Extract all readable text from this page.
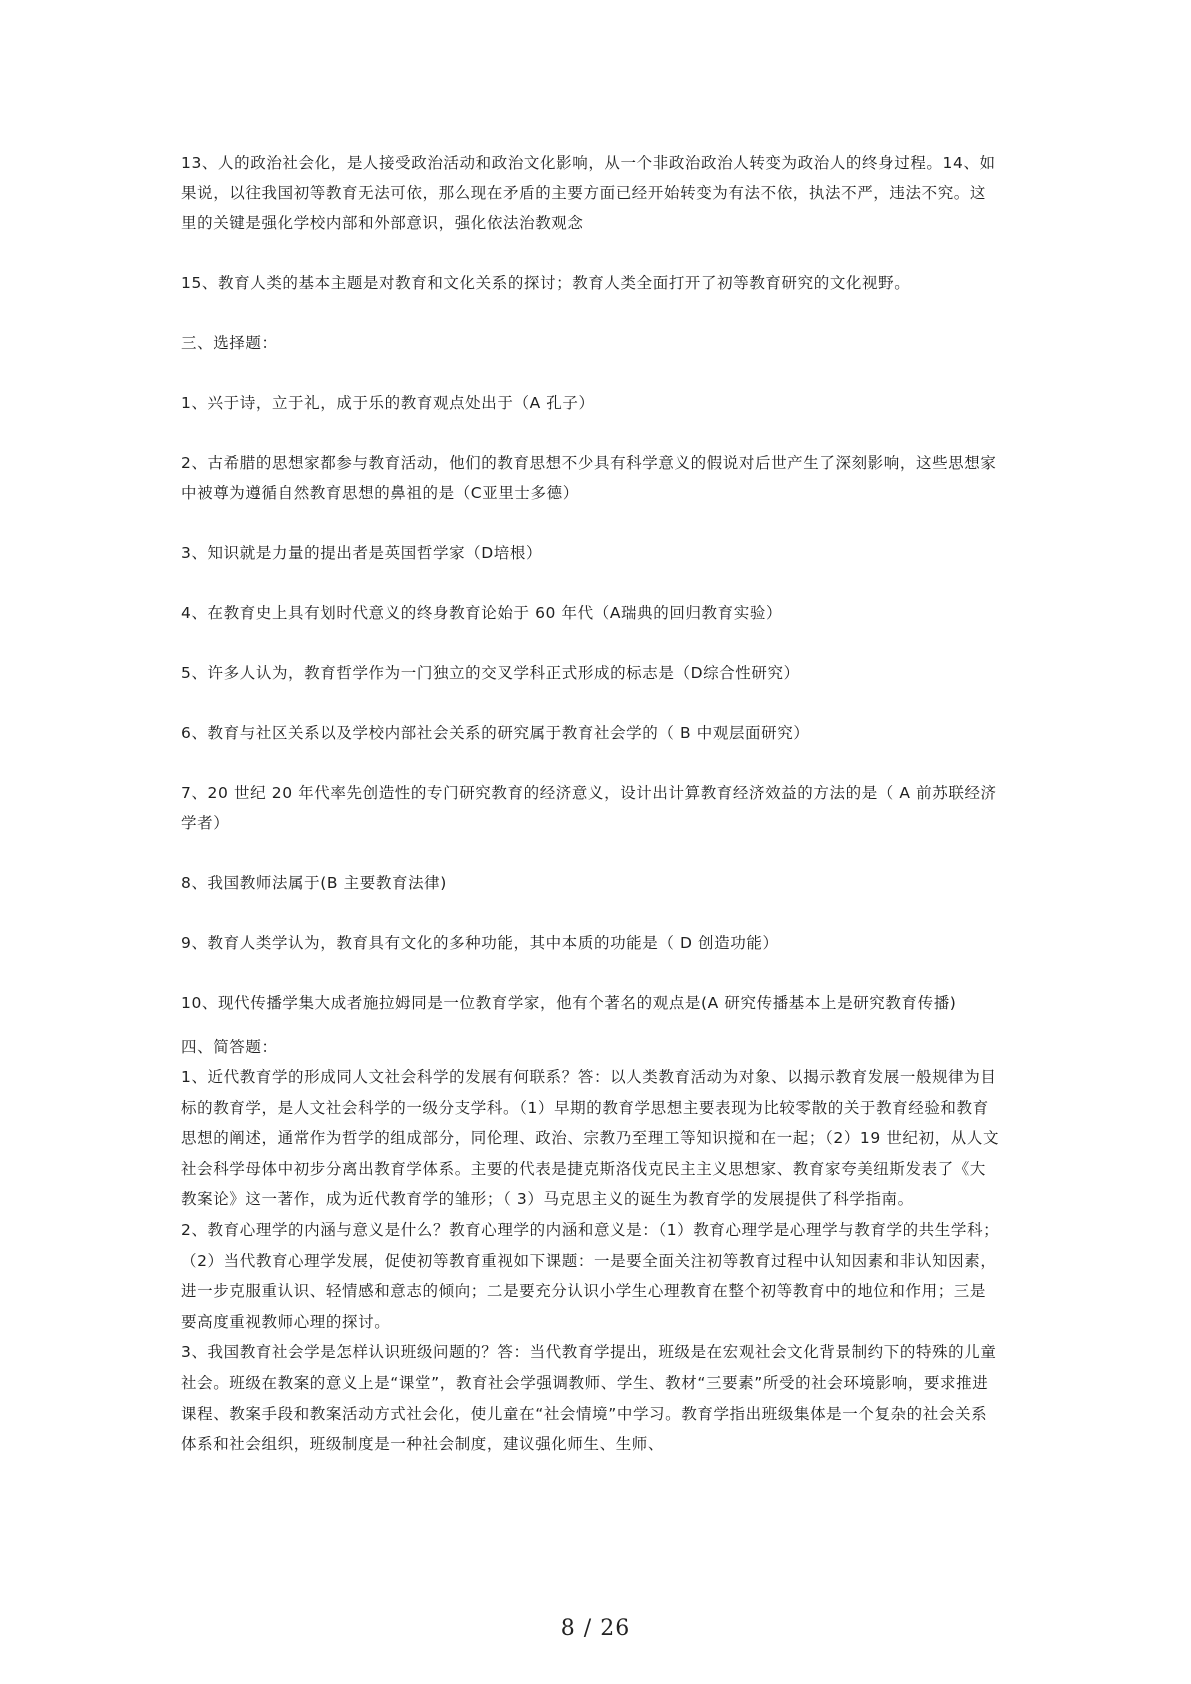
13、人的政治社会化，是人接受政治活动和政治文化影响，从一个非政治政治人转变为政治人的终身过程。14、如果说，以往我国初等教育无法可依，那么现在矛盾的主要方面已经开始转变为有法不依，执法不严，违法不究。这里的关键是强化学校内部和外部意识，强化依法治教观念

15、教育人类的基本主题是对教育和文化关系的探讨；教育人类全面打开了初等教育研究的文化视野。

三、选择题：

1、兴于诗，立于礼，成于乐的教育观点处出于（A 孔子）

2、古希腊的思想家都参与教育活动，他们的教育思想不少具有科学意义的假说对后世产生了深刻影响，这些思想家中被尊为遵循自然教育思想的鼻祖的是（C亚里士多德）

3、知识就是力量的提出者是英国哲学家（D培根）

4、在教育史上具有划时代意义的终身教育论始于 60 年代（A瑞典的回归教育实验）

5、许多人认为，教育哲学作为一门独立的交叉学科正式形成的标志是（D综合性研究）

6、教育与社区关系以及学校内部社会关系的研究属于教育社会学的（ B 中观层面研究）

7、20 世纪 20 年代率先创造性的专门研究教育的经济意义，设计出计算教育经济效益的方法的是（ A 前苏联经济学者）

8、我国教师法属于(B 主要教育法律)

9、教育人类学认为，教育具有文化的多种功能，其中本质的功能是（ D 创造功能）

10、现代传播学集大成者施拉姆同是一位教育学家，他有个著名的观点是(A 研究传播基本上是研究教育传播)

四、简答题：

1、近代教育学的形成同人文社会科学的发展有何联系？答：以人类教育活动为对象、以揭示教育发展一般规律为目标的教育学，是人文社会科学的一级分支学科。（1）早期的教育学思想主要表现为比较零散的关于教育经验和教育思想的阐述，通常作为哲学的组成部分，同伦理、政治、宗教乃至理工等知识搅和在一起；（2）19 世纪初，从人文社会科学母体中初步分离出教育学体系。主要的代表是捷克斯洛伐克民主主义思想家、教育家夸美纽斯发表了《大教案论》这一著作，成为近代教育学的雏形；（ 3）马克思主义的诞生为教育学的发展提供了科学指南。

2、教育心理学的内涵与意义是什么？教育心理学的内涵和意义是：（1）教育心理学是心理学与教育学的共生学科；（2）当代教育心理学发展，促使初等教育重视如下课题：一是要全面关注初等教育过程中认知因素和非认知因素，进一步克服重认识、轻情感和意志的倾向；二是要充分认识小学生心理教育在整个初等教育中的地位和作用；三是要高度重视教师心理的探讨。

3、我国教育社会学是怎样认识班级问题的？答：当代教育学提出，班级是在宏观社会文化背景制约下的特殊的儿童社会。班级在教案的意义上是“课堂”，教育社会学强调教师、学生、教材“三要素”所受的社会环境影响，要求推进课程、教案手段和教案活动方式社会化，使儿童在“社会情境”中学习。教育学指出班级集体是一个复杂的社会关系体系和社会组织，班级制度是一种社会制度，建议强化师生、生师、

8 / 26
